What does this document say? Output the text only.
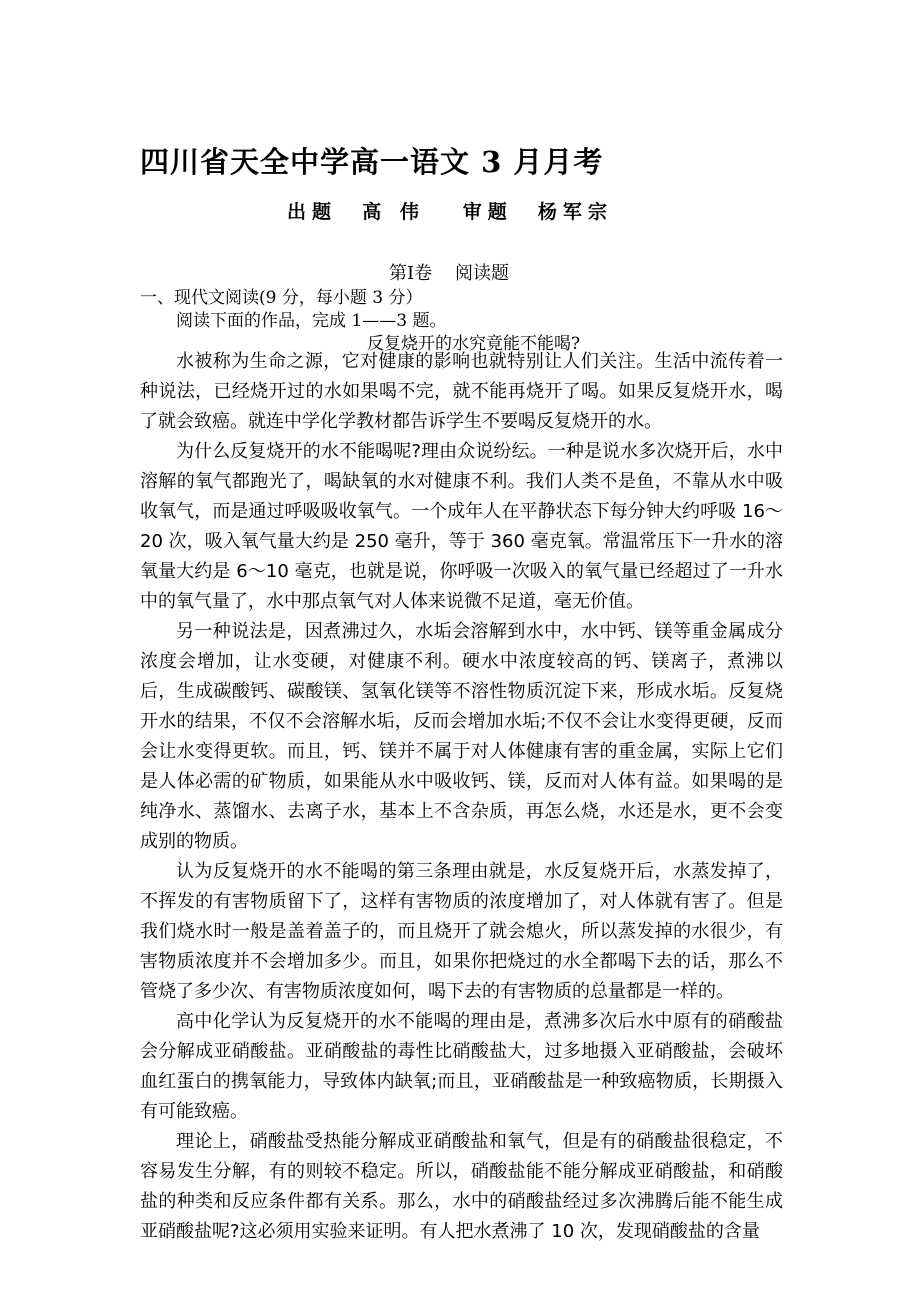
四川省天全中学高一语文 3 月月考
出题  高 伟   审题  杨军宗
第Ⅰ卷    阅读题
一、现代文阅读(9 分，每小题 3 分）
阅读下面的作品，完成 1——3 题。
反复烧开的水究竟能不能喝?

水被称为生命之源，它对健康的影响也就特别让人们关注。生活中流传着一种说法，已经烧开过的水如果喝不完，就不能再烧开了喝。如果反复烧开水，喝了就会致癌。就连中学化学教材都告诉学生不要喝反复烧开的水。

为什么反复烧开的水不能喝呢?理由众说纷纭。一种是说水多次烧开后，水中溶解的氧气都跑光了，喝缺氧的水对健康不利。我们人类不是鱼，不靠从水中吸收氧气，而是通过呼吸吸收氧气。一个成年人在平静状态下每分钟大约呼吸 16～20 次，吸入氧气量大约是 250 毫升，等于 360 毫克氧。常温常压下一升水的溶氧量大约是 6～10 毫克，也就是说，你呼吸一次吸入的氧气量已经超过了一升水中的氧气量了，水中那点氧气对人体来说微不足道，毫无价值。

另一种说法是，因煮沸过久，水垢会溶解到水中，水中钙、镁等重金属成分浓度会增加，让水变硬，对健康不利。硬水中浓度较高的钙、镁离子，煮沸以后，生成碳酸钙、碳酸镁、氢氧化镁等不溶性物质沉淀下来，形成水垢。反复烧开水的结果，不仅不会溶解水垢，反而会增加水垢;不仅不会让水变得更硬，反而会让水变得更软。而且，钙、镁并不属于对人体健康有害的重金属，实际上它们是人体必需的矿物质，如果能从水中吸收钙、镁，反而对人体有益。如果喝的是纯净水、蒸馏水、去离子水，基本上不含杂质，再怎么烧，水还是水，更不会变成别的物质。

认为反复烧开的水不能喝的第三条理由就是，水反复烧开后，水蒸发掉了，不挥发的有害物质留下了，这样有害物质的浓度增加了，对人体就有害了。但是我们烧水时一般是盖着盖子的，而且烧开了就会熄火，所以蒸发掉的水很少，有害物质浓度并不会增加多少。而且，如果你把烧过的水全都喝下去的话，那么不管烧了多少次、有害物质浓度如何，喝下去的有害物质的总量都是一样的。

高中化学认为反复烧开的水不能喝的理由是，煮沸多次后水中原有的硝酸盐会分解成亚硝酸盐。亚硝酸盐的毒性比硝酸盐大，过多地摄入亚硝酸盐，会破坏血红蛋白的携氧能力，导致体内缺氧;而且，亚硝酸盐是一种致癌物质，长期摄入有可能致癌。

理论上，硝酸盐受热能分解成亚硝酸盐和氧气，但是有的硝酸盐很稳定，不容易发生分解，有的则较不稳定。所以，硝酸盐能不能分解成亚硝酸盐，和硝酸盐的种类和反应条件都有关系。那么，水中的硝酸盐经过多次沸腾后能不能生成亚硝酸盐呢?这必须用实验来证明。有人把水煮沸了 10 次，发现硝酸盐的含量
